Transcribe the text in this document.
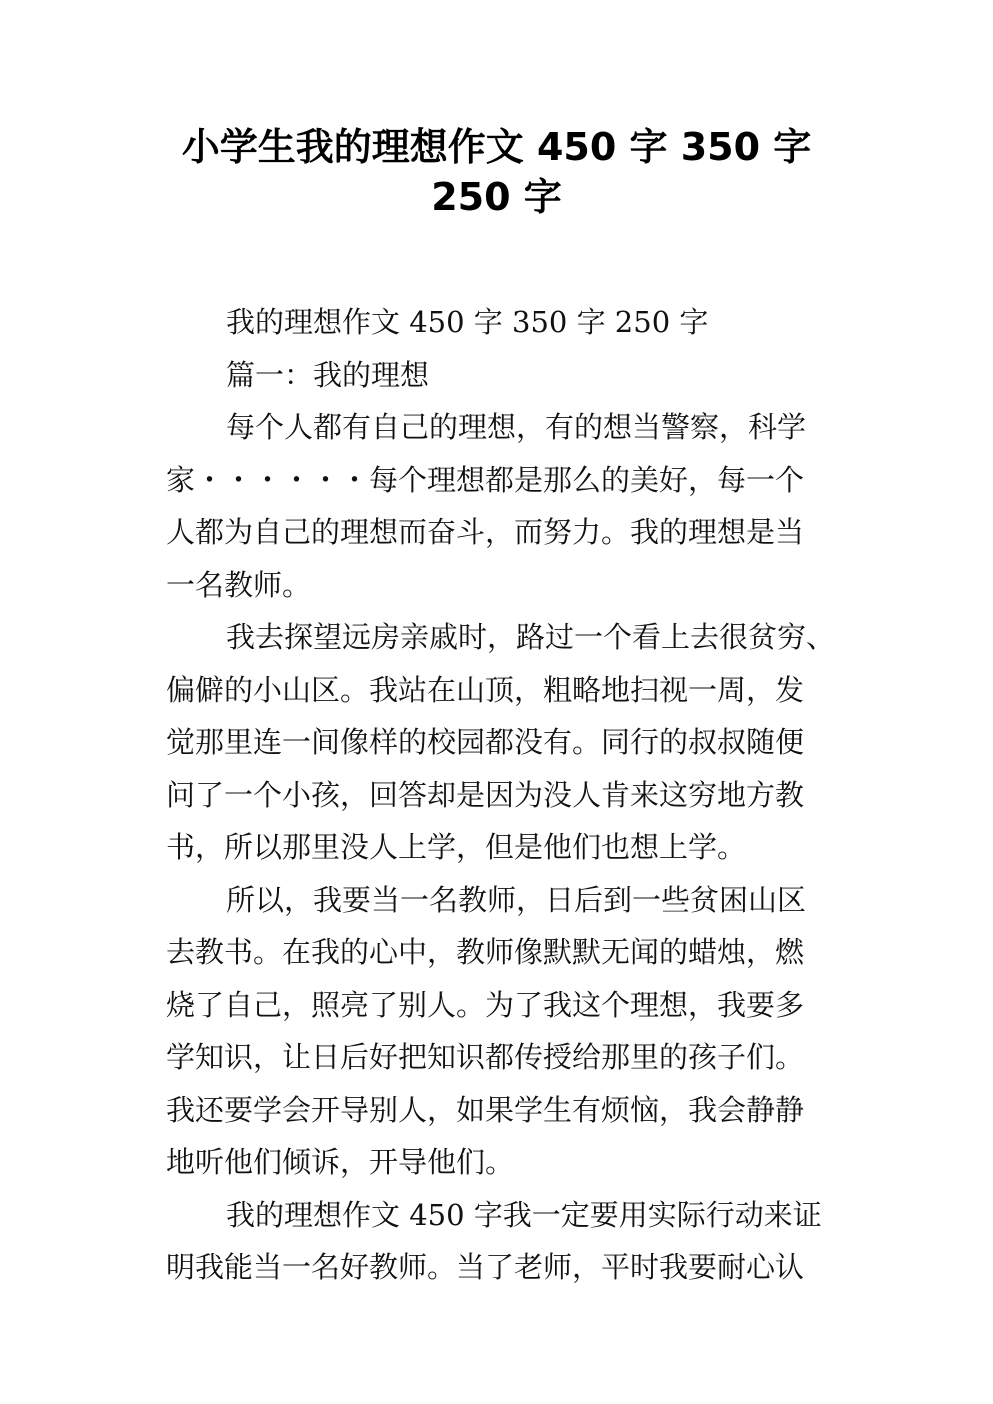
小学生我的理想作文 450 字 350 字
250 字
我的理想作文 450 字 350 字 250 字
篇一：我的理想
每个人都有自己的理想，有的想当警察，科学
家・・・・・・每个理想都是那么的美好，每一个
人都为自己的理想而奋斗，而努力。我的理想是当
一名教师。
我去探望远房亲戚时，路过一个看上去很贫穷、
偏僻的小山区。我站在山顶，粗略地扫视一周，发
觉那里连一间像样的校园都没有。同行的叔叔随便
问了一个小孩，回答却是因为没人肯来这穷地方教
书，所以那里没人上学，但是他们也想上学。
所以，我要当一名教师，日后到一些贫困山区
去教书。在我的心中，教师像默默无闻的蜡烛，燃
烧了自己，照亮了别人。为了我这个理想，我要多
学知识，让日后好把知识都传授给那里的孩子们。
我还要学会开导别人，如果学生有烦恼，我会静静
地听他们倾诉，开导他们。
我的理想作文 450 字我一定要用实际行动来证
明我能当一名好教师。当了老师，平时我要耐心认
